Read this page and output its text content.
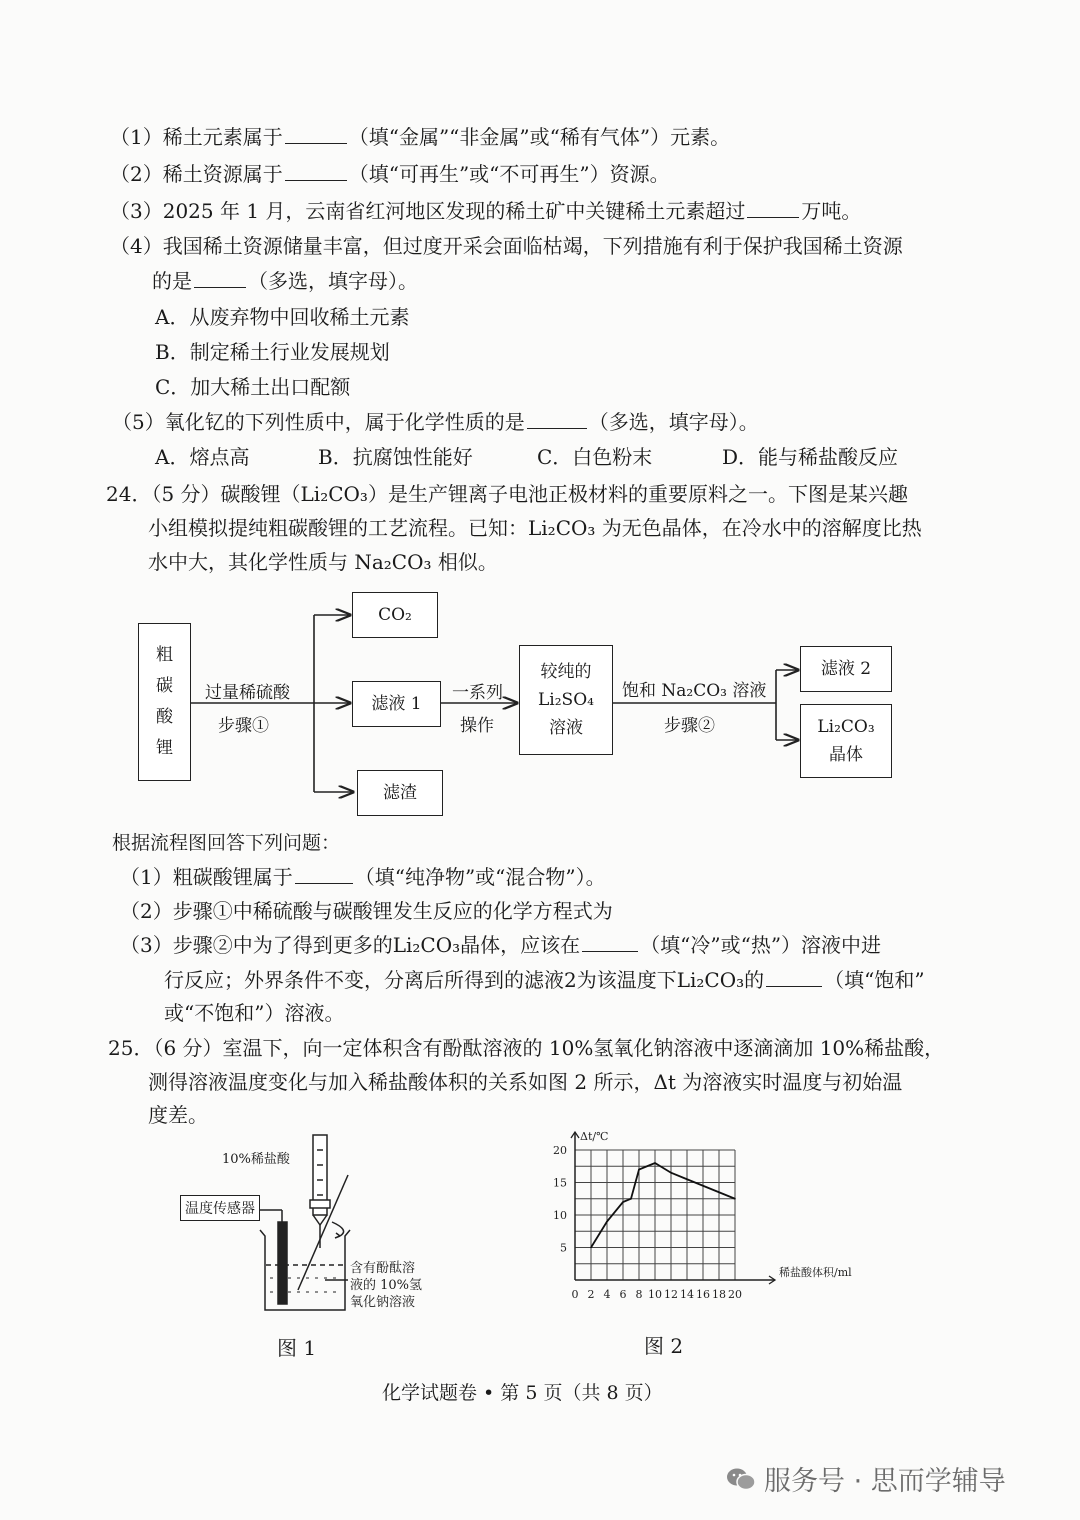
（1）稀土元素属于	（填“金属”“非金属”或“稀有气体”）元素。
（2）稀土资源属于	（填“可再生”或“不可再生”）资源。
（3）2025 年 1 月，云南省红河地区发现的稀土矿中关键稀土元素超过	万吨。
（4）我国稀土资源储量丰富，但过度开采会面临枯竭，下列措施有利于保护我国稀土资源
的是	（多选，填字母）。
A．从废弃物中回收稀土元素
B．制定稀土行业发展规划
C．加大稀土出口配额
（5）氧化钇的下列性质中，属于化学性质的是	（多选，填字母）。
A．熔点高	B．抗腐蚀性能好	C．白色粉末	D．能与稀盐酸反应
24．（5 分）碳酸锂（Li₂CO₃）是生产锂离子电池正极材料的重要原料之一。下图是某兴趣
小组模拟提纯粗碳酸锂的工艺流程。已知：Li₂CO₃ 为无色晶体，在冷水中的溶解度比热
水中大，其化学性质与 Na₂CO₃ 相似。
粗
碳
酸
锂
CO₂
滤液 1
滤渣
较纯的
Li₂SO₄
溶液
滤液 2
Li₂CO₃
晶体
过量稀硫酸
步骤①
一系列
操作
饱和 Na₂CO₃ 溶液
步骤②
根据流程图回答下列问题：
（1）粗碳酸锂属于	（填“纯净物”或“混合物”）。
（2）步骤①中稀硫酸与碳酸锂发生反应的化学方程式为
（3）步骤②中为了得到更多的Li₂CO₃晶体，应该在	（填“冷”或“热”）溶液中进
行反应；外界条件不变，分离后所得到的滤液2为该温度下Li₂CO₃的	（填“饱和”
或“不饱和”）溶液。
25．（6 分）室温下，向一定体积含有酚酞溶液的 10%氢氧化钠溶液中逐滴滴加 10%稀盐酸，
测得溶液温度变化与加入稀盐酸体积的关系如图 2 所示，Δt 为溶液实时温度与初始温
度差。
10%稀盐酸
温度传感器
含有酚酞溶
液的 10%氢
氧化钠溶液
图 1
0 2 4 6 8 10 12 14 16 18 20
5
10
15
20
Δt/℃
稀盐酸体积/ml
图 2
化学试题卷 • 第 5 页（共 8 页）
服务号 · 思而学辅导
